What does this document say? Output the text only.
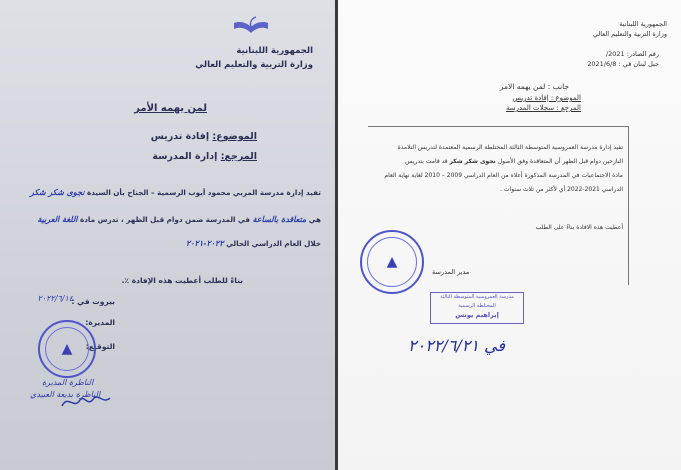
الجمهورية اللبنانية
وزارة التربية والتعليم العالي
لمن يهمه الأمر
الموضوع: إفادة تدريس
المرجع: إدارة المدرسة
تفيد إدارة مدرسة المربي محمود أيوب الرسمية – الجناح بأن السيدة نجوى شكر شكر
هي متعاقدة بالساعة في المدرسة ضمن دوام قبل الظهر ، تدرس مادة اللغة العربية
خلال العام الدراسي الحالي ٢٠٢٢-٢٠٢١
بناءً للطلب أعطيت هذه الإفادة ٪.
بيروت في :
٢٠٢٢/٦/١٤
المديرة:
التوقيع:
▲
الناظرة المديرة
الناظرة بديعة العبيدي
الجمهورية اللبنانية
وزارة التربية والتعليم العالي
رقم الصادر: 2021/
جبل لبنان في : 2021/6/8
جانب : لمن يهمه الامر
الموضوع : إفادة تدريس
المرجع : سجلات المدرسة
تفيد إدارة مدرسة العمروسية المتوسطة الثالثة المختلطة الرسمية المعتمدة لتدريس التلامذة
النازحين دوام قبل الظهر أن المتعاقدة وفق الأصول نجوى شكر شكر قد قامت بتدريس
مادة الاجتماعيات في المدرسة المذكورة أعلاه من العام الدراسي 2009 – 2010 لغاية نهاية العام
الدراسي 2021-2022 أي لأكثر من ثلاث سنوات .
أعطيت هذه الافادة بناءً على الطلب
▲
مدير المدرسة
مدرسة العمروسية المتوسطة الثالثة
المختلطة الرسمية
إبراهيم يونس
في ٢٠٢٢/٦/٢١
